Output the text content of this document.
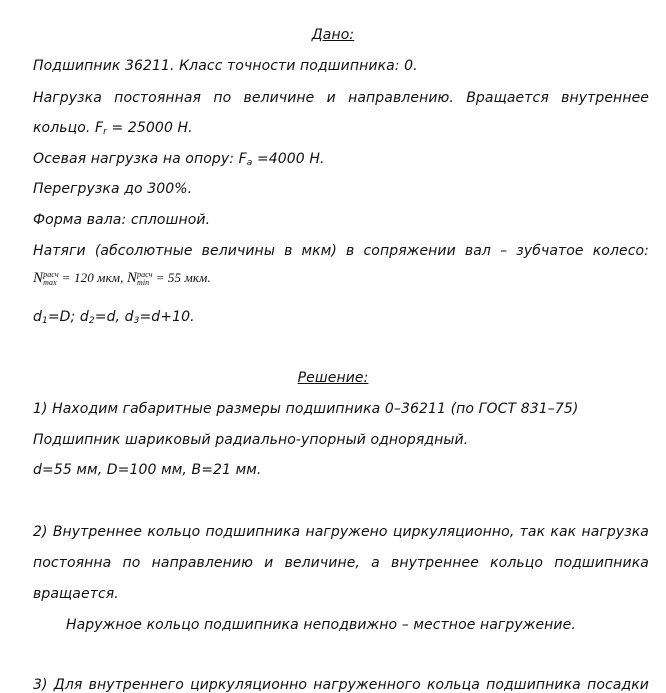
Дано:
Подшипник 36211. Класс точности подшипника: 0.
Нагрузка постоянная по величине и направлению. Вращается внутреннее
кольцо. $F_r = 25000$ Н.
Осевая нагрузка на опору: $F_a =4000$ Н.
Перегрузка до 300%.
Форма вала: сплошной.
Натяги (абсолютные величины в мкм) в сопряжении вал – зубчатое колесо:
N расч
max = 120 мкм, N расч
min = 55 мкм.
$d_1=D$; $d_2=d$, $d_3=d+10$.
Решение:
1) Находим габаритные размеры подшипника 0–36211 (по ГОСТ 831–75)
Подшипник шариковый радиально-упорный однорядный.
d=55 мм, D=100 мм, B=21 мм.
2) Внутреннее кольцо подшипника нагружено циркуляционно, так как нагрузка
постоянна по направлению и величине, а внутреннее кольцо подшипника
вращается.
Наружное кольцо подшипника неподвижно – местное нагружение.
3) Для внутреннего циркуляционно нагруженного кольца подшипника посадки
